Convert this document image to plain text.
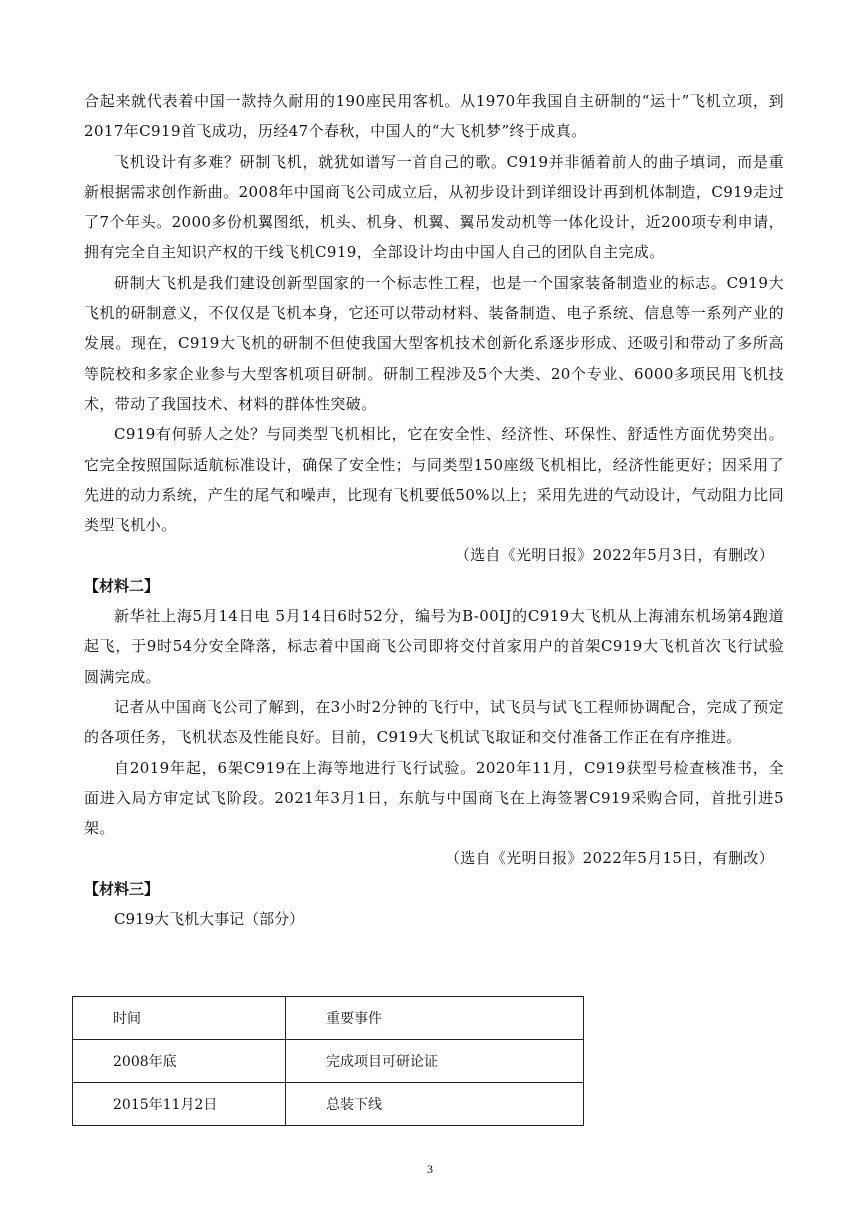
合起来就代表着中国一款持久耐用的190座民用客机。从1970年我国自主研制的“运十”飞机立项，到2017年C919首飞成功，历经47个春秋，中国人的“大飞机梦”终于成真。

飞机设计有多难？研制飞机，就犹如谱写一首自己的歌。C919并非循着前人的曲子填词，而是重新根据需求创作新曲。2008年中国商飞公司成立后，从初步设计到详细设计再到机体制造，C919走过了7个年头。2000多份机翼图纸，机头、机身、机翼、翼吊发动机等一体化设计，近200项专利申请，拥有完全自主知识产权的干线飞机C919，全部设计均由中国人自己的团队自主完成。

研制大飞机是我们建设创新型国家的一个标志性工程，也是一个国家装备制造业的标志。C919大飞机的研制意义，不仅仅是飞机本身，它还可以带动材料、装备制造、电子系统、信息等一系列产业的发展。现在，C919大飞机的研制不但使我国大型客机技术创新化系逐步形成、还吸引和带动了多所高等院校和多家企业参与大型客机项目研制。研制工程涉及5个大类、20个专业、6000多项民用飞机技术，带动了我国技术、材料的群体性突破。

C919有何骄人之处？与同类型飞机相比，它在安全性、经济性、环保性、舒适性方面优势突出。它完全按照国际适航标准设计，确保了安全性；与同类型150座级飞机相比，经济性能更好；因采用了先进的动力系统，产生的尾气和噪声，比现有飞机要低50%以上；采用先进的气动设计，气动阻力比同类型飞机小。

（选自《光明日报》2022年5月3日，有删改）

【材料二】

新华社上海5月14日电 5月14日6时52分，编号为B-00IJ的C919大飞机从上海浦东机场第4跑道起飞，于9时54分安全降落，标志着中国商飞公司即将交付首家用户的首架C919大飞机首次飞行试验圆满完成。

记者从中国商飞公司了解到，在3小时2分钟的飞行中，试飞员与试飞工程师协调配合，完成了预定的各项任务，飞机状态及性能良好。目前，C919大飞机试飞取证和交付准备工作正在有序推进。

自2019年起，6架C919在上海等地进行飞行试验。2020年11月，C919获型号检查核准书，全面进入局方审定试飞阶段。2021年3月1日，东航与中国商飞在上海签署C919采购合同，首批引进5架。

（选自《光明日报》2022年5月15日，有删改）

【材料三】

C919大飞机大事记（部分）

时间	重要事件
2008年底	完成项目可研论证
2015年11月2日	总装下线
3
